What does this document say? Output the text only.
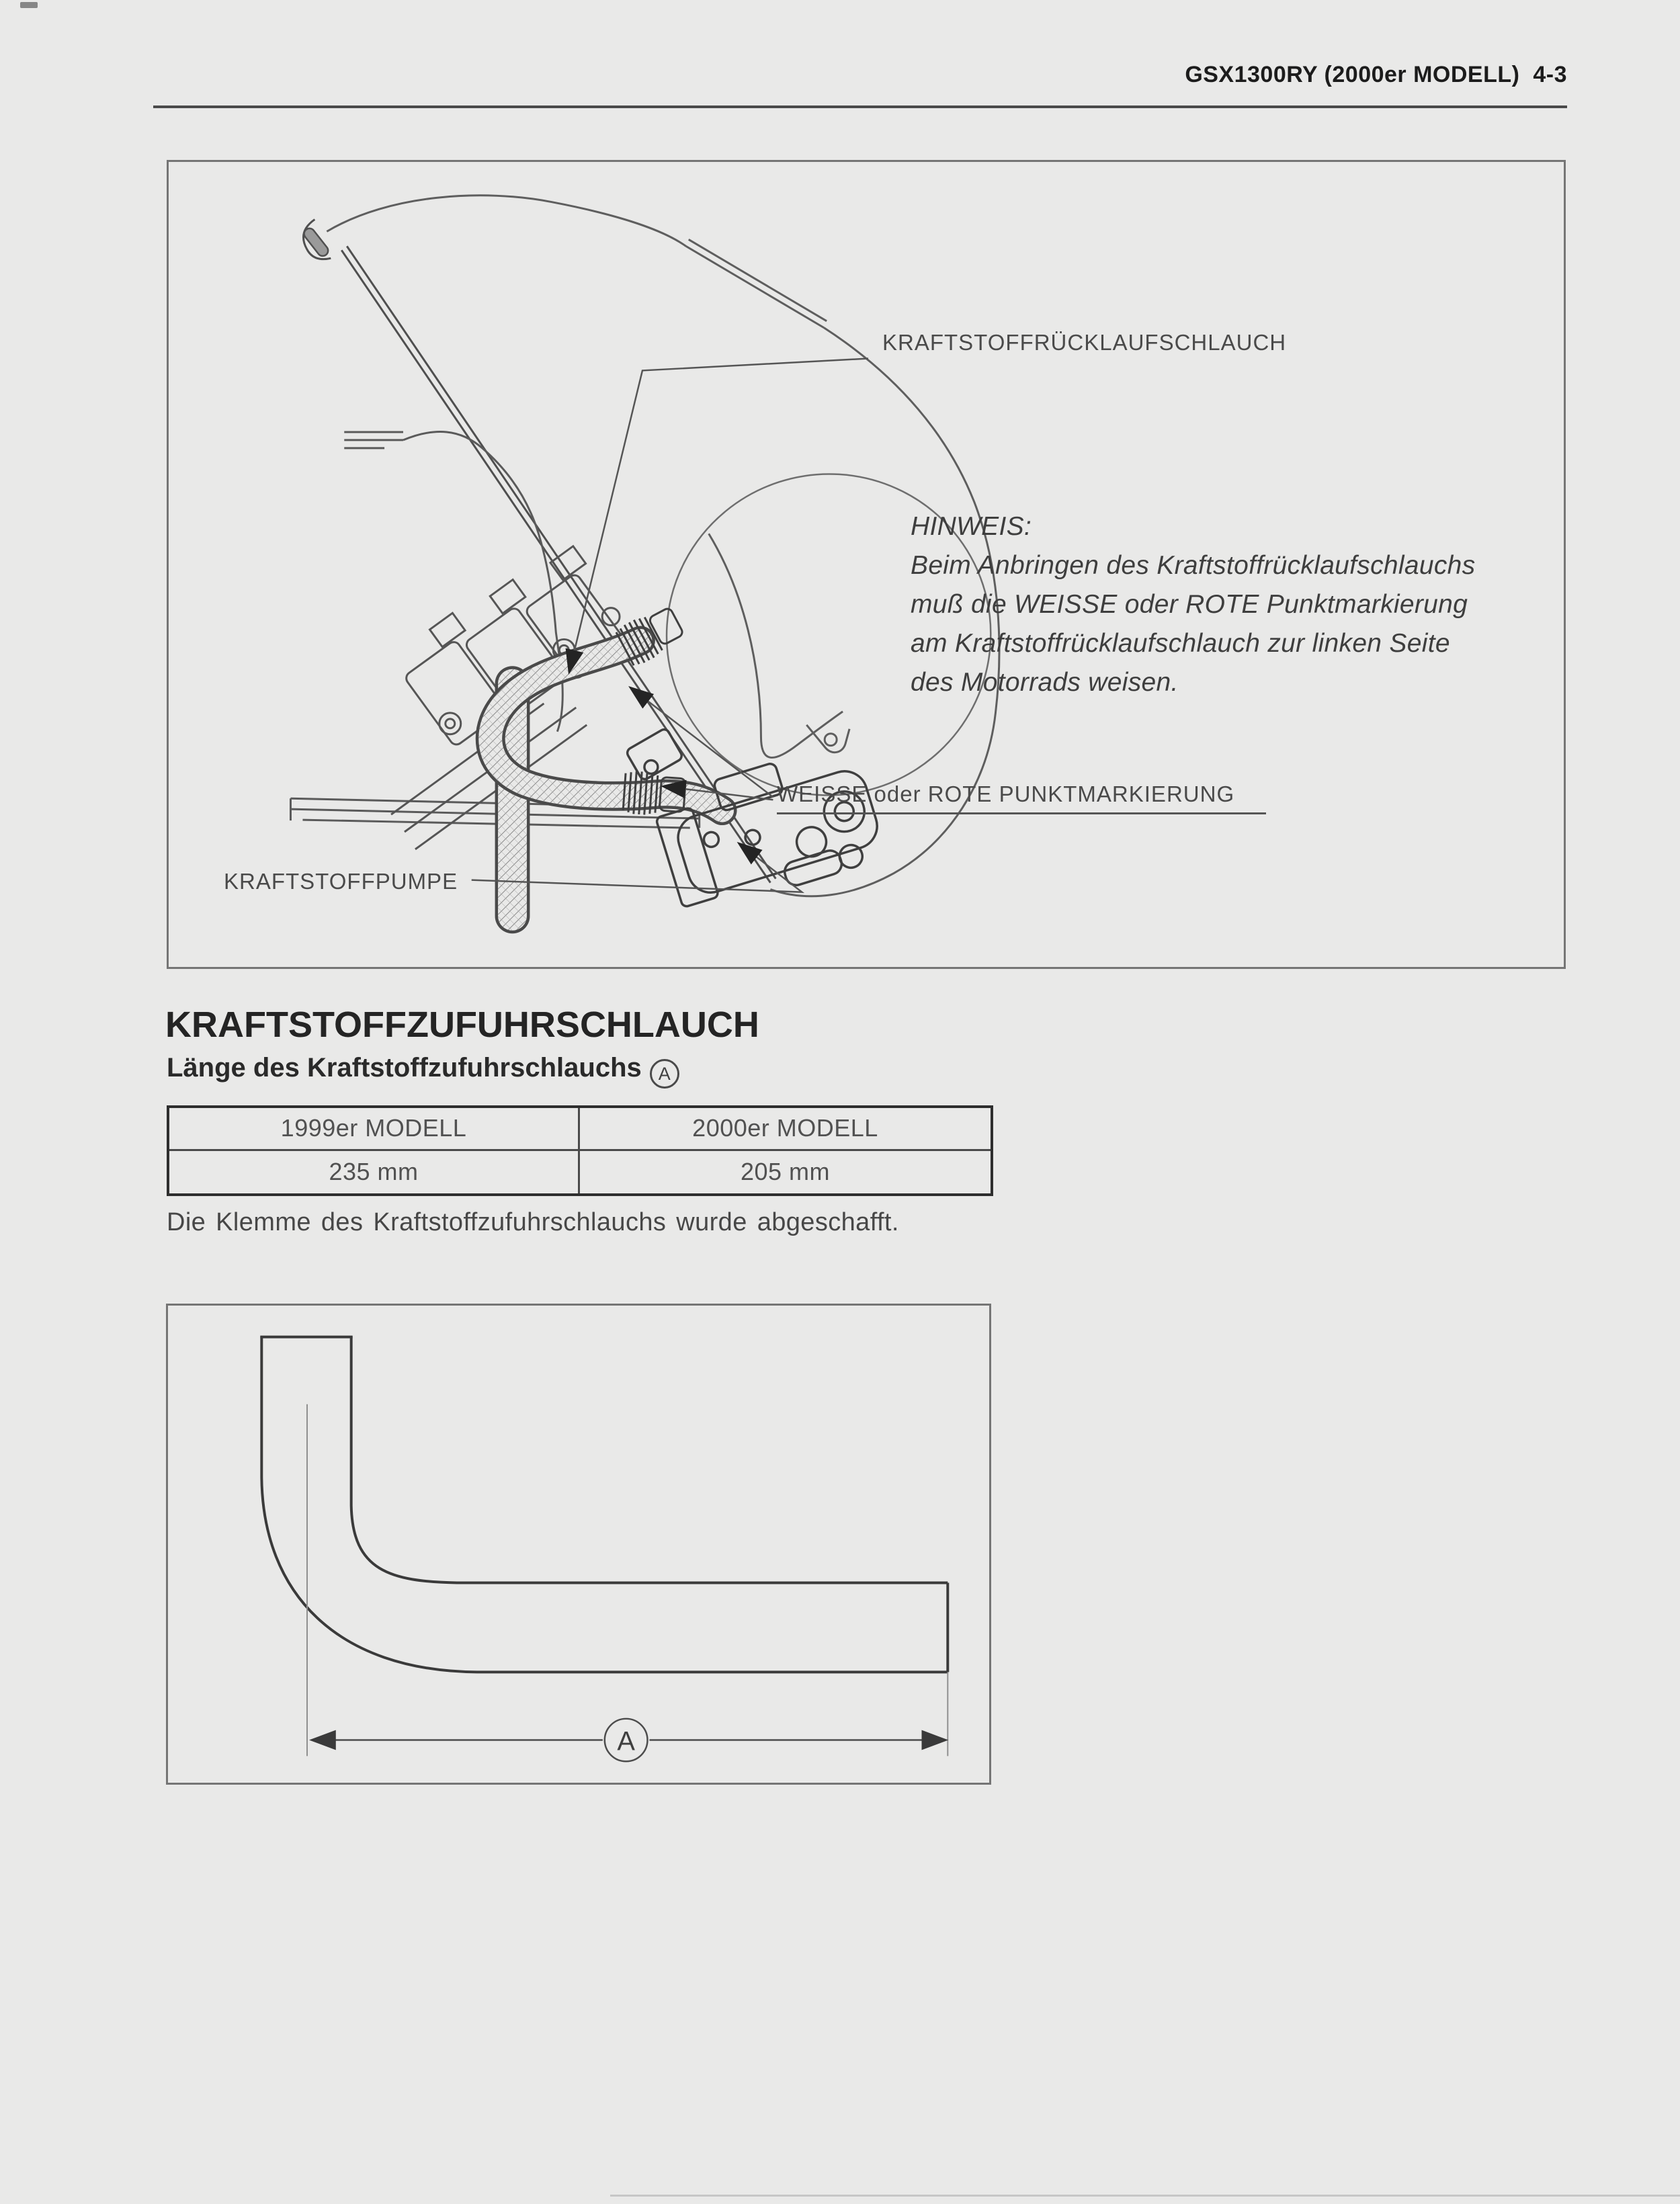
GSX1300RY (2000er MODELL)  4-3
KRAFTSTOFFRÜCKLAUFSCHLAUCH
HINWEIS:
Beim Anbringen des Kraftstoffrücklaufschlauchs
muß die WEISSE oder ROTE Punktmarkierung
am Kraftstoffrücklaufschlauch zur linken Seite
des Motorrads weisen.
WEISSE oder ROTE PUNKTMARKIERUNG
KRAFTSTOFFPUMPE
KRAFTSTOFFZUFUHRSCHLAUCH
Länge des Kraftstoffzufuhrschlauchs A
1999er MODELL	2000er MODELL
235 mm	205 mm
Die Klemme des Kraftstoffzufuhrschlauchs wurde abgeschafft.
A
